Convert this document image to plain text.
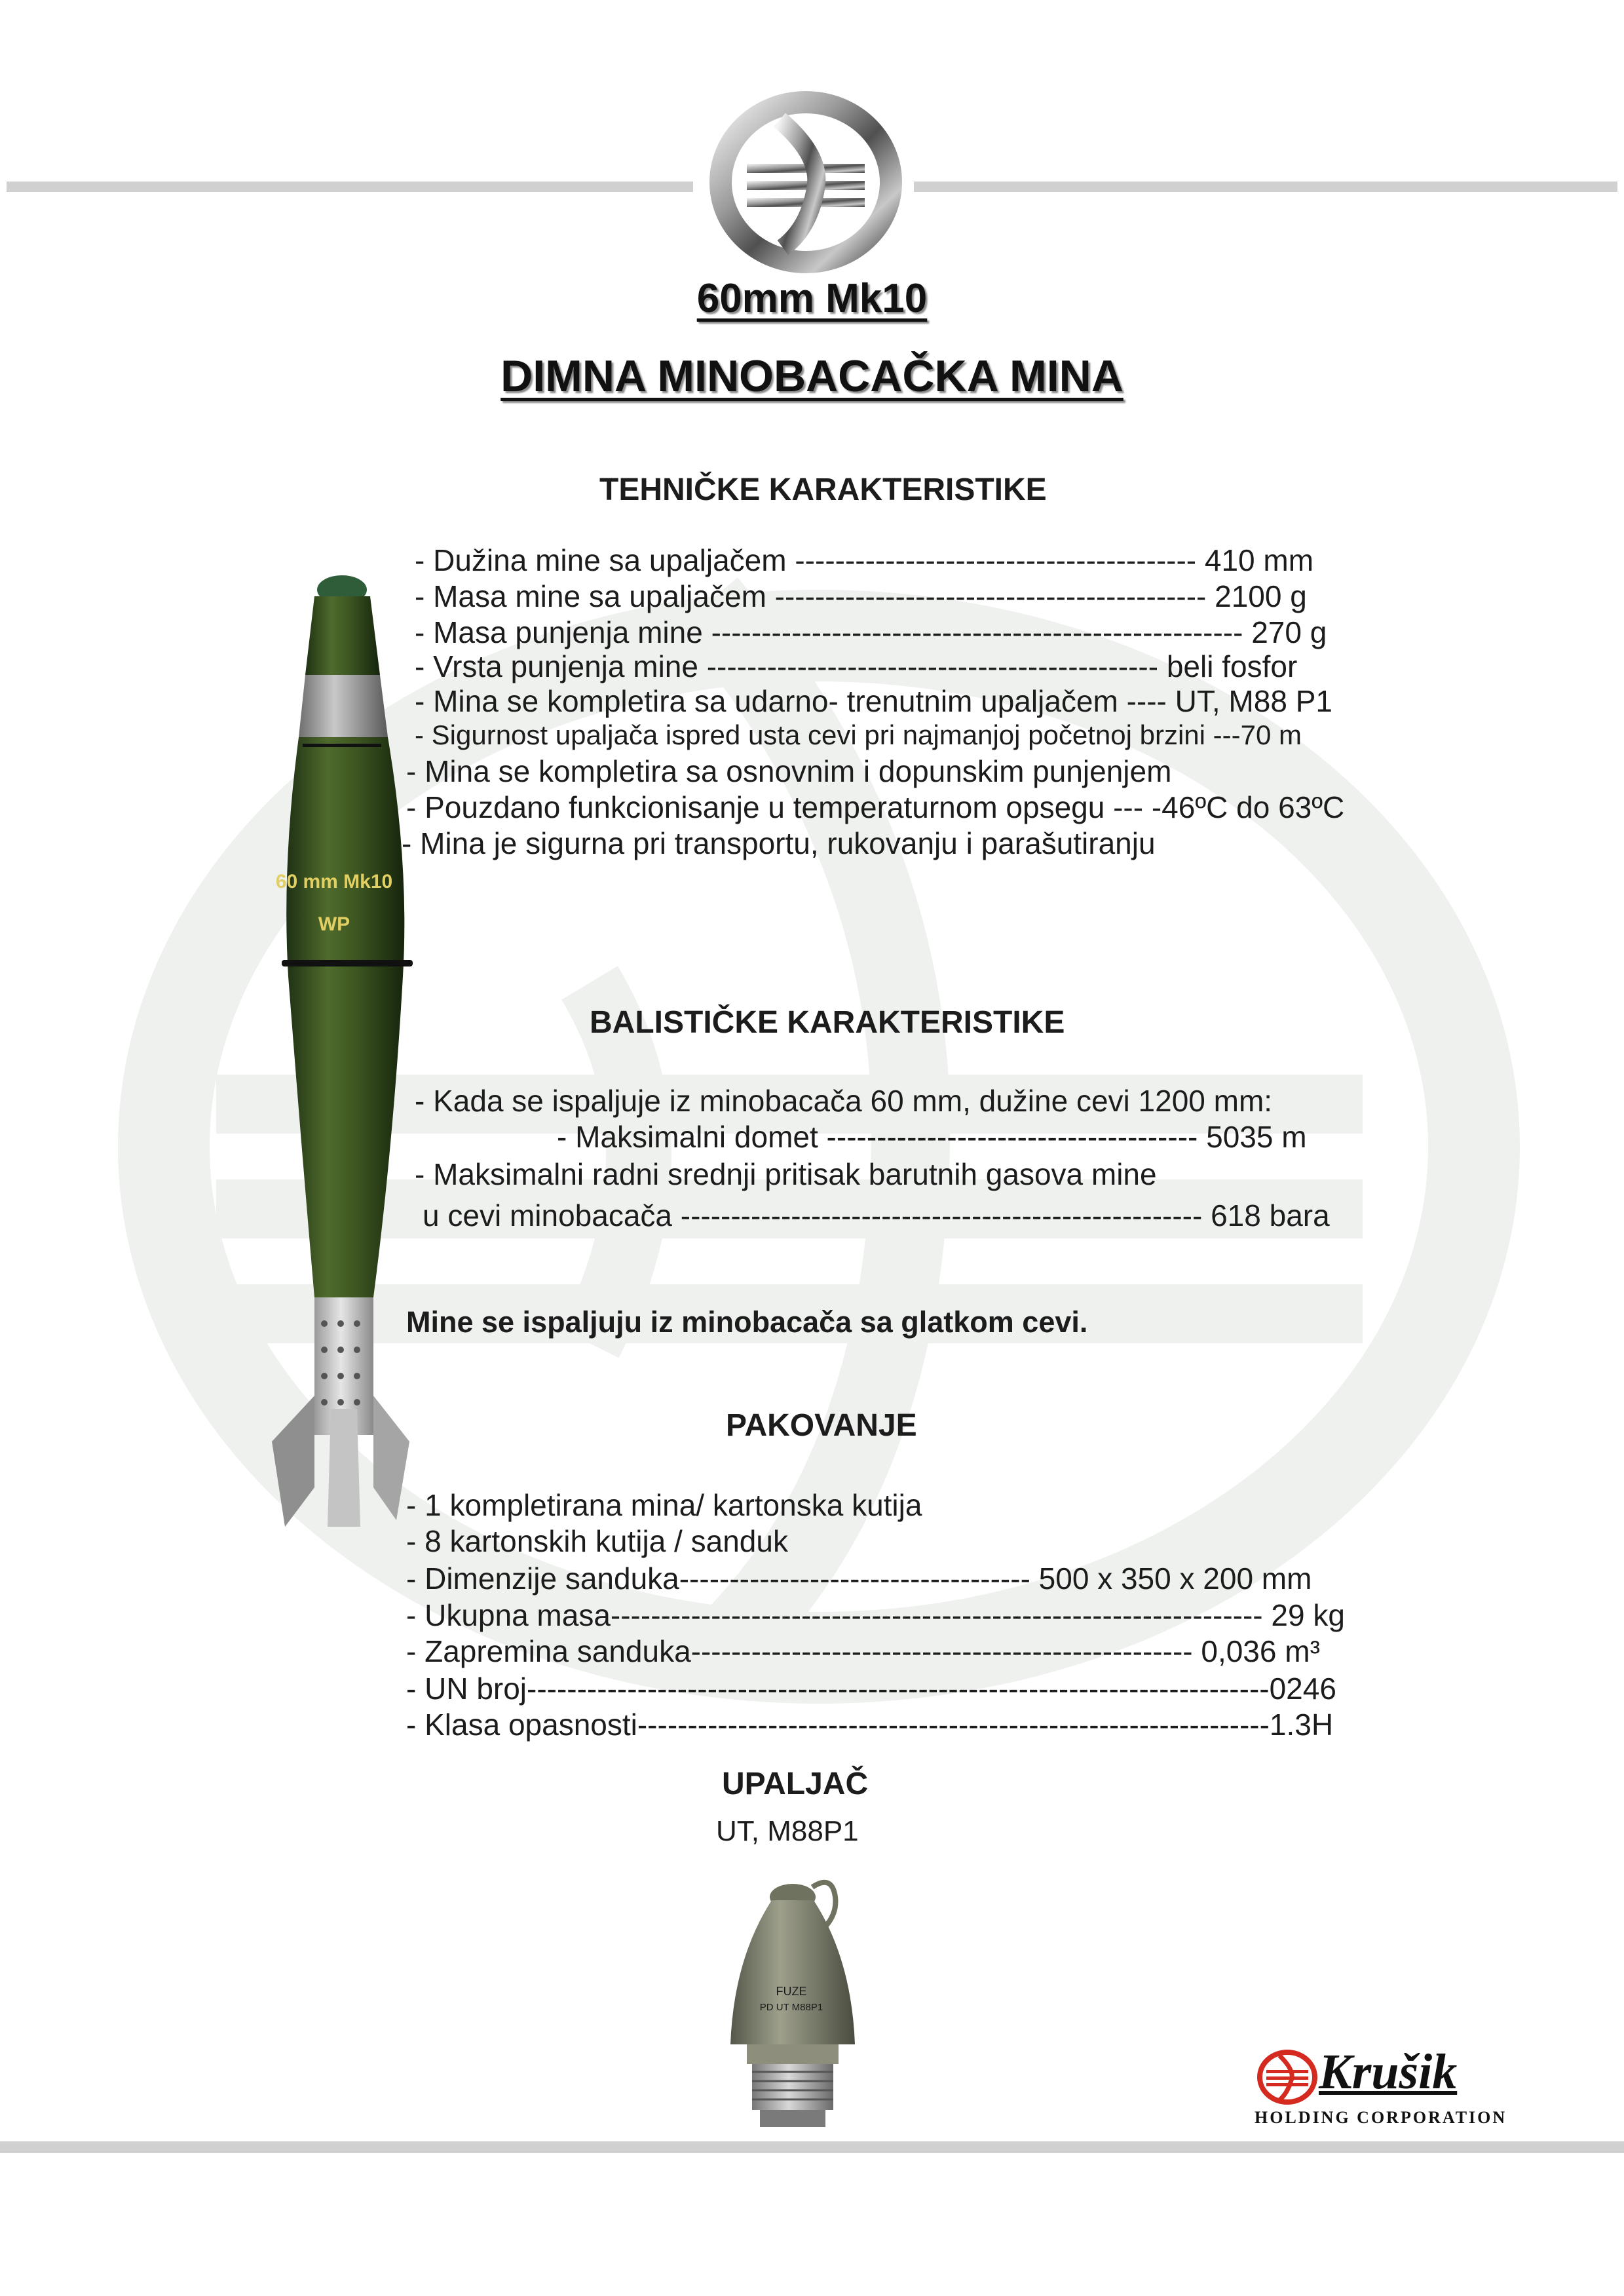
60mm Mk10
DIMNA MINOBACAČKA MINA
60 mm Mk10
WP
TEHNIČKE KARAKTERISTIKE
- Dužina mine sa upaljačem ---------------------------------------- 410 mm
- Masa mine sa upaljačem ------------------------------------------- 2100 g
- Masa punjenja mine ----------------------------------------------------- 270 g
- Vrsta punjenja mine --------------------------------------------- beli fosfor
- Mina se kompletira sa udarno- trenutnim upaljačem ---- UT, M88 P1
- Sigurnost upaljača ispred usta cevi pri najmanjoj početnoj brzini ---70 m
- Mina se kompletira sa osnovnim i dopunskim punjenjem
- Pouzdano funkcionisanje u temperaturnom opsegu --- -46ºC do 63ºC
- Mina je sigurna pri transportu, rukovanju i parašutiranju
BALISTIČKE KARAKTERISTIKE
- Kada se ispaljuje iz minobacača 60 mm, dužine cevi 1200 mm:
- Maksimalni domet ------------------------------------- 5035 m
- Maksimalni radni srednji pritisak barutnih gasova mine
u cevi minobacača ---------------------------------------------------- 618 bara
Mine se ispaljuju iz minobacača sa glatkom cevi.
PAKOVANJE
- 1 kompletirana mina/ kartonska kutija
- 8 kartonskih kutija / sanduk
- Dimenzije sanduka----------------------------------- 500 x 350 x 200 mm
- Ukupna masa----------------------------------------------------------------- 29 kg
- Zapremina sanduka-------------------------------------------------- 0,036 m³
- UN broj--------------------------------------------------------------------------0246
- Klasa opasnosti---------------------------------------------------------------1.3H
UPALJAČ
UT, M88P1
FUZE
PD UT M88P1
Krušik
HOLDING CORPORATION
